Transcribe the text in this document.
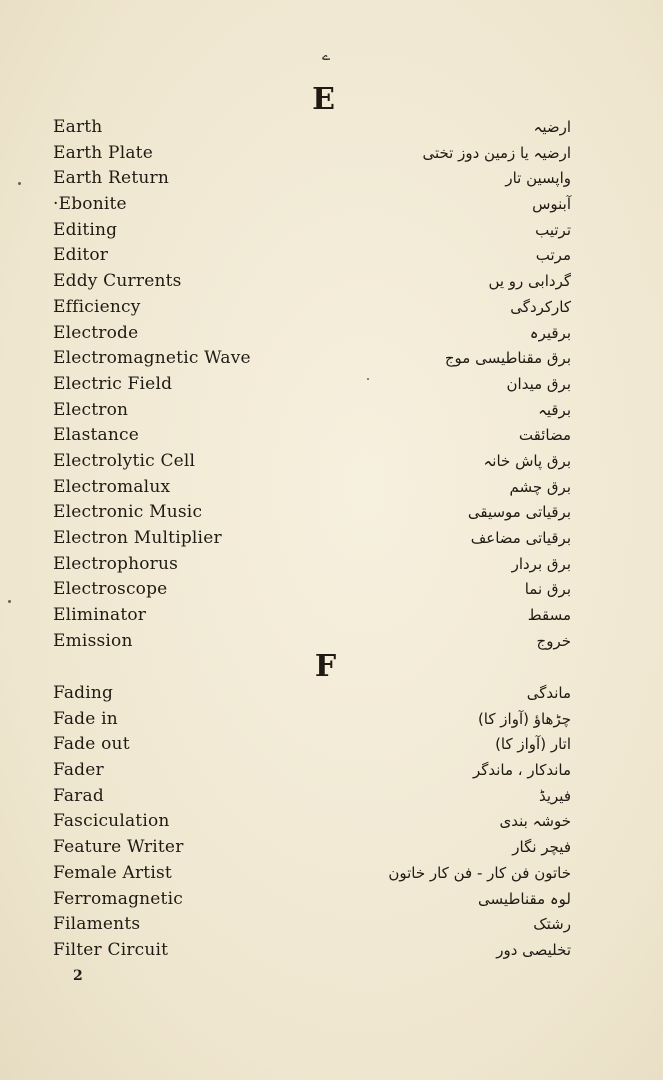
ے
E
Earth	ارضیہ
Earth Plate	ارضیہ یا زمین دوز تختی
Earth Return	واپسین تار
·Ebonite	آبنوس
Editing	ترتیب
Editor	مرتب
Eddy Currents	گردابی رو یں
Efficiency	کارکردگی
Electrode	برقیرہ
Electromagnetic Wave	برق مقناطیسی موج
Electric Field	برق میدان
Electron	برقیہ
Elastance	مضائقت
Electrolytic Cell	برق پاش خانہ
Electromalux	برق چشم
Electronic Music	برقیاتی موسیقی
Electron Multiplier	برقیاتی مضاعف
Electrophorus	برق بردار
Electroscope	برق نما
Eliminator	مسقط
Emission	خروج
F
Fading	ماندگی
Fade in	چڑھاؤ (آواز کا)
Fade out	اتار (آواز کا)
Fader	ماندکار ، ماندگر
Farad	فیریڈ
Fasciculation	خوشہ بندی
Feature Writer	فیچر نگار
Female Artist	خاتون فن کار - فن کار خاتون
Ferromagnetic	لوہ مقناطیسی
Filaments	رشتک
Filter Circuit	تخلیصی دور
2
